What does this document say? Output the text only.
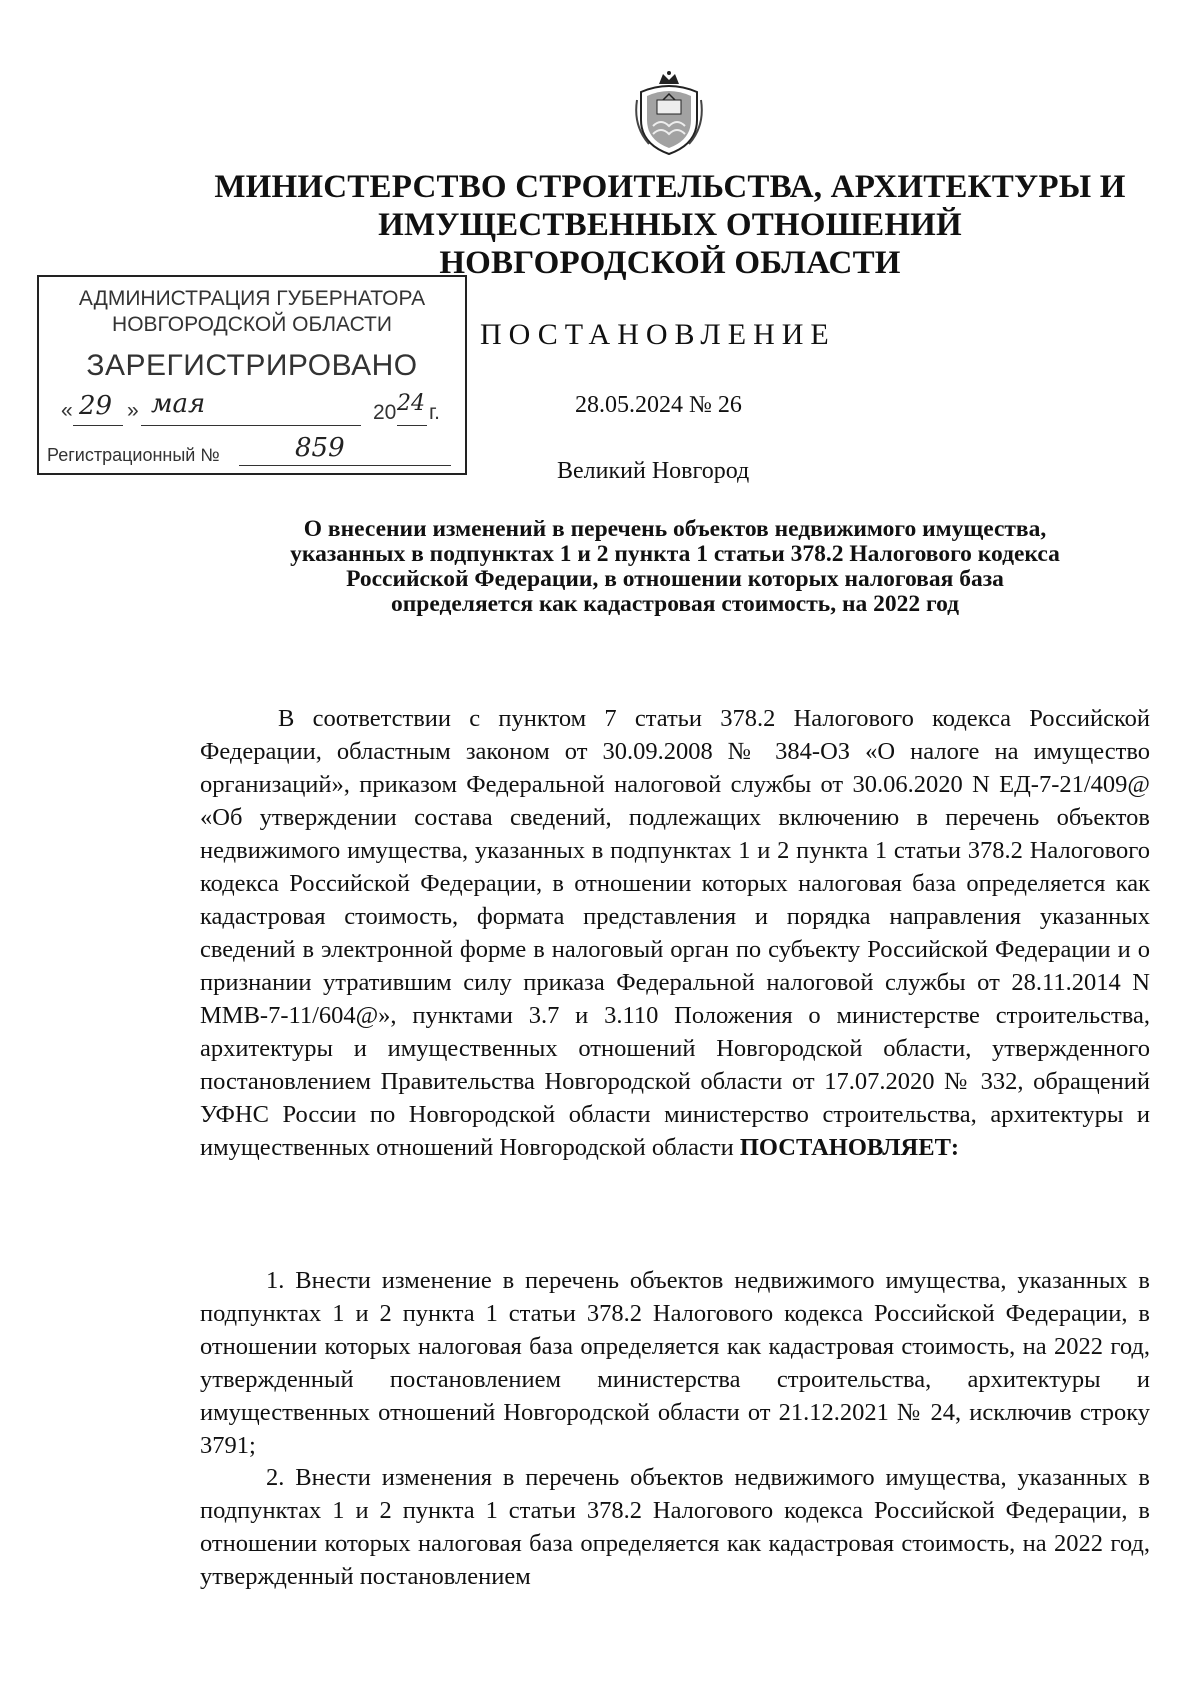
МИНИСТЕРСТВО СТРОИТЕЛЬСТВА, АРХИТЕКТУРЫ И
ИМУЩЕСТВЕННЫХ ОТНОШЕНИЙ
НОВГОРОДСКОЙ ОБЛАСТИ
АДМИНИСТРАЦИЯ ГУБЕРНАТОРА
НОВГОРОДСКОЙ ОБЛАСТИ
ЗАРЕГИСТРИРОВАНО
« 29 » мая	20 24 г.
Регистрационный №	859
ПОСТАНОВЛЕНИЕ
28.05.2024 № 26
Великий Новгород
О внесении изменений в перечень объектов недвижимого имущества,
указанных в подпунктах 1 и 2 пункта 1 статьи 378.2 Налогового кодекса
Российской Федерации, в отношении которых налоговая база
определяется как кадастровая стоимость, на 2022 год
В соответствии с пунктом 7 статьи 378.2 Налогового кодекса Российской Федерации, областным законом от 30.09.2008 № 384-ОЗ «О налоге на имущество организаций», приказом Федеральной налоговой службы от 30.06.2020 N ЕД-7-21/409@ «Об утверждении состава сведений, подлежащих включению в перечень объектов недвижимого имущества, указанных в подпунктах 1 и 2 пункта 1 статьи 378.2 Налогового кодекса Российской Федерации, в отношении которых налоговая база определяется как кадастровая стоимость, формата представления и порядка направления указанных сведений в электронной форме в налоговый орган по субъекту Российской Федерации и о признании утратившим силу приказа Федеральной налоговой службы от 28.11.2014 N ММВ-7-11/604@», пунктами 3.7 и 3.110 Положения о министерстве строительства, архитектуры и имущественных отношений Новгородской области, утвержденного постановлением Правительства Новгородской области от 17.07.2020 № 332, обращений УФНС России по Новгородской области министерство строительства, архитектуры и имущественных отношений Новгородской области ПОСТАНОВЛЯЕТ:
1. Внести изменение в перечень объектов недвижимого имущества, указанных в подпунктах 1 и 2 пункта 1 статьи 378.2 Налогового кодекса Российской Федерации, в отношении которых налоговая база определяется как кадастровая стоимость, на 2022 год, утвержденный постановлением министерства строительства, архитектуры и имущественных отношений Новгородской области от 21.12.2021 № 24, исключив строку 3791;
2. Внести изменения в перечень объектов недвижимого имущества, указанных в подпунктах 1 и 2 пункта 1 статьи 378.2 Налогового кодекса Российской Федерации, в отношении которых налоговая база определяется как кадастровая стоимость, на 2022 год, утвержденный постановлением
